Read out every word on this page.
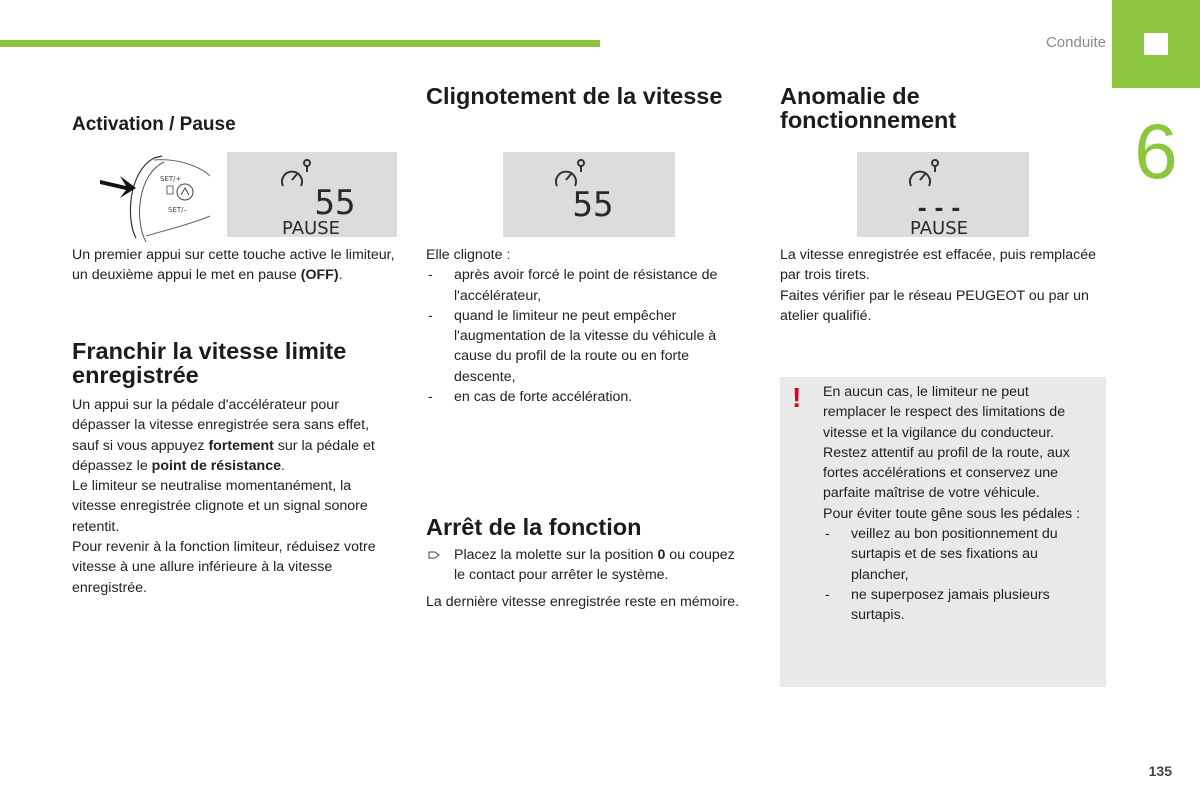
Conduite
6
Activation / Pause
SET/+
SET/–	55
PAUSE

Un premier appui sur cette touche active le limiteur, un deuxième appui le met en pause (OFF).

Franchir la vitesse limite enregistrée

Un appui sur la pédale d'accélérateur pour dépasser la vitesse enregistrée sera sans effet, sauf si vous appuyez fortement sur la pédale et dépassez le point de résistance.

Le limiteur se neutralise momentanément, la vitesse enregistrée clignote et un signal sonore retentit.

Pour revenir à la fonction limiteur, réduisez votre vitesse à une allure inférieure à la vitesse enregistrée.

Clignotement de la vitesse
55

Elle clignote :

- après avoir forcé le point de résistance de l'accélérateur,
- quand le limiteur ne peut empêcher l'augmentation de la vitesse du véhicule à cause du profil de la route ou en forte descente,
- en cas de forte accélération.
Arrêt de la fonction
Placez la molette sur la position 0 ou coupez le contact pour arrêter le système.

La dernière vitesse enregistrée reste en mémoire.

Anomalie de fonctionnement
- - -
PAUSE

La vitesse enregistrée est effacée, puis remplacée par trois tirets.

Faites vérifier par le réseau PEUGEOT ou par un atelier qualifié.

! En aucun cas, le limiteur ne peut remplacer le respect des limitations de vitesse et la vigilance du conducteur.

Restez attentif au profil de la route, aux fortes accélérations et conservez une parfaite maîtrise de votre véhicule.

Pour éviter toute gêne sous les pédales :

- veillez au bon positionnement du surtapis et de ses fixations au plancher,
- ne superposez jamais plusieurs surtapis.
135
